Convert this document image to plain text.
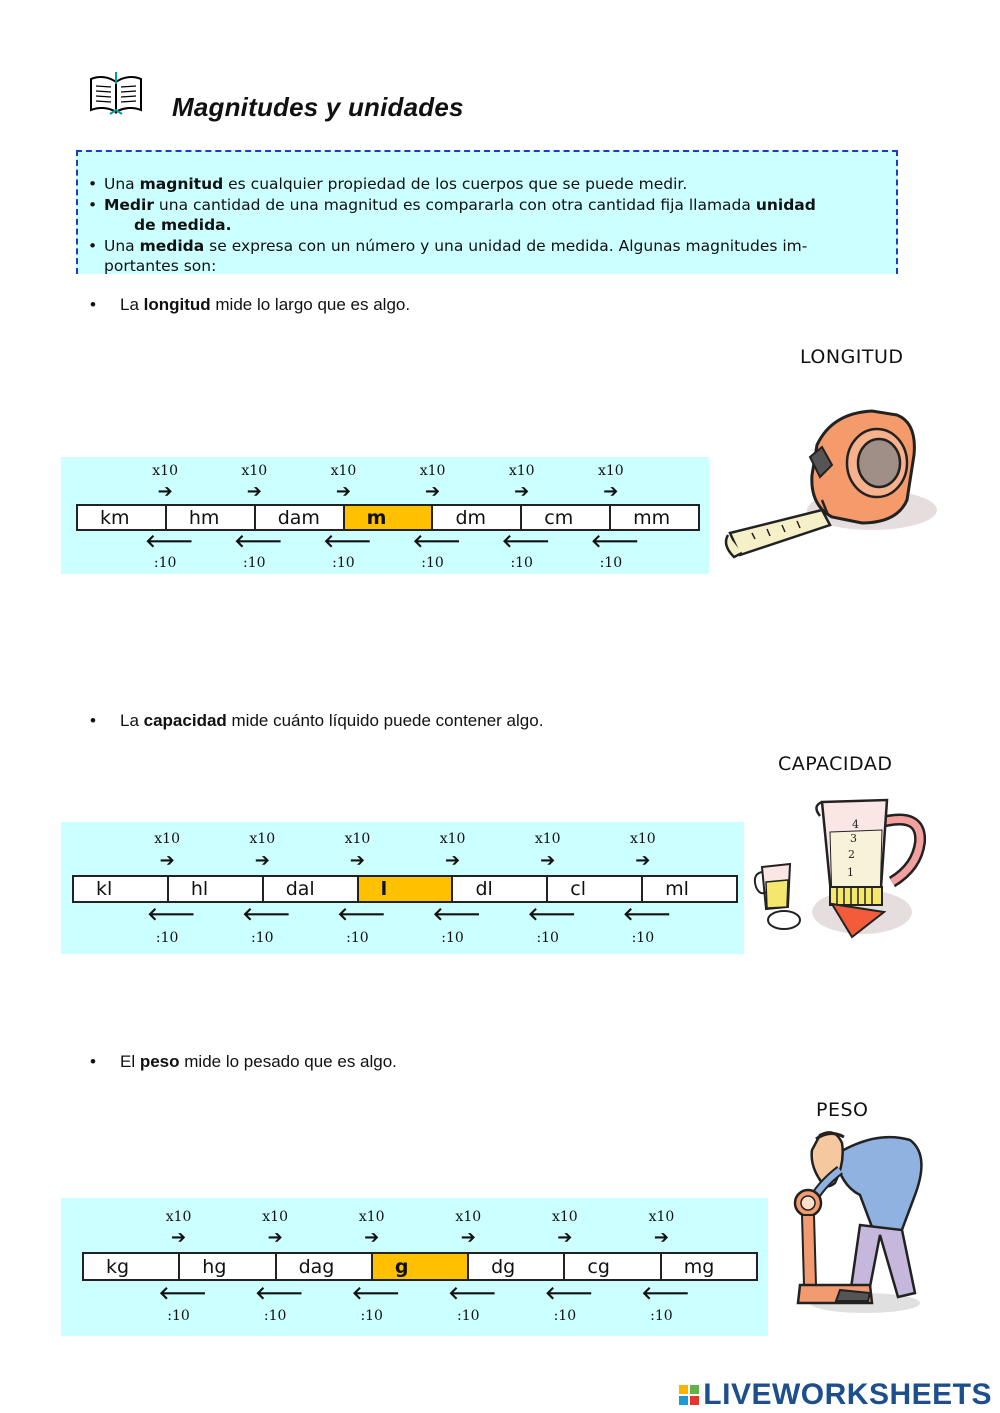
Magnitudes y unidades
• Una magnitud es cualquier propiedad de los cuerpos que se puede medir.
• Medir una cantidad de una magnitud es compararla con otra cantidad fija llamada unidad
de medida.
• Una medida se expresa con un número y una unidad de medida. Algunas magnitudes im-
portantes son:
• La longitud mide lo largo que es algo.
LONGITUD
km	hm	dam	m	dm	cm	mm
x10
➔
🡐
:10
x10
➔
🡐
:10
x10
➔
🡐
:10
x10
➔
🡐
:10
x10
➔
🡐
:10
x10
➔
🡐
:10
• La capacidad mide cuánto líquido puede contener algo.
CAPACIDAD
kl	hl	dal	l	dl	cl	ml
x10
➔
🡐
:10
x10
➔
🡐
:10
x10
➔
🡐
:10
x10
➔
🡐
:10
x10
➔
🡐
:10
x10
➔
🡐
:10
4
3
2
1
• El peso mide lo pesado que es algo.
PESO
kg	hg	dag	g	dg	cg	mg
x10
➔
🡐
:10
x10
➔
🡐
:10
x10
➔
🡐
:10
x10
➔
🡐
:10
x10
➔
🡐
:10
x10
➔
🡐
:10
LIVEWORKSHEETS
